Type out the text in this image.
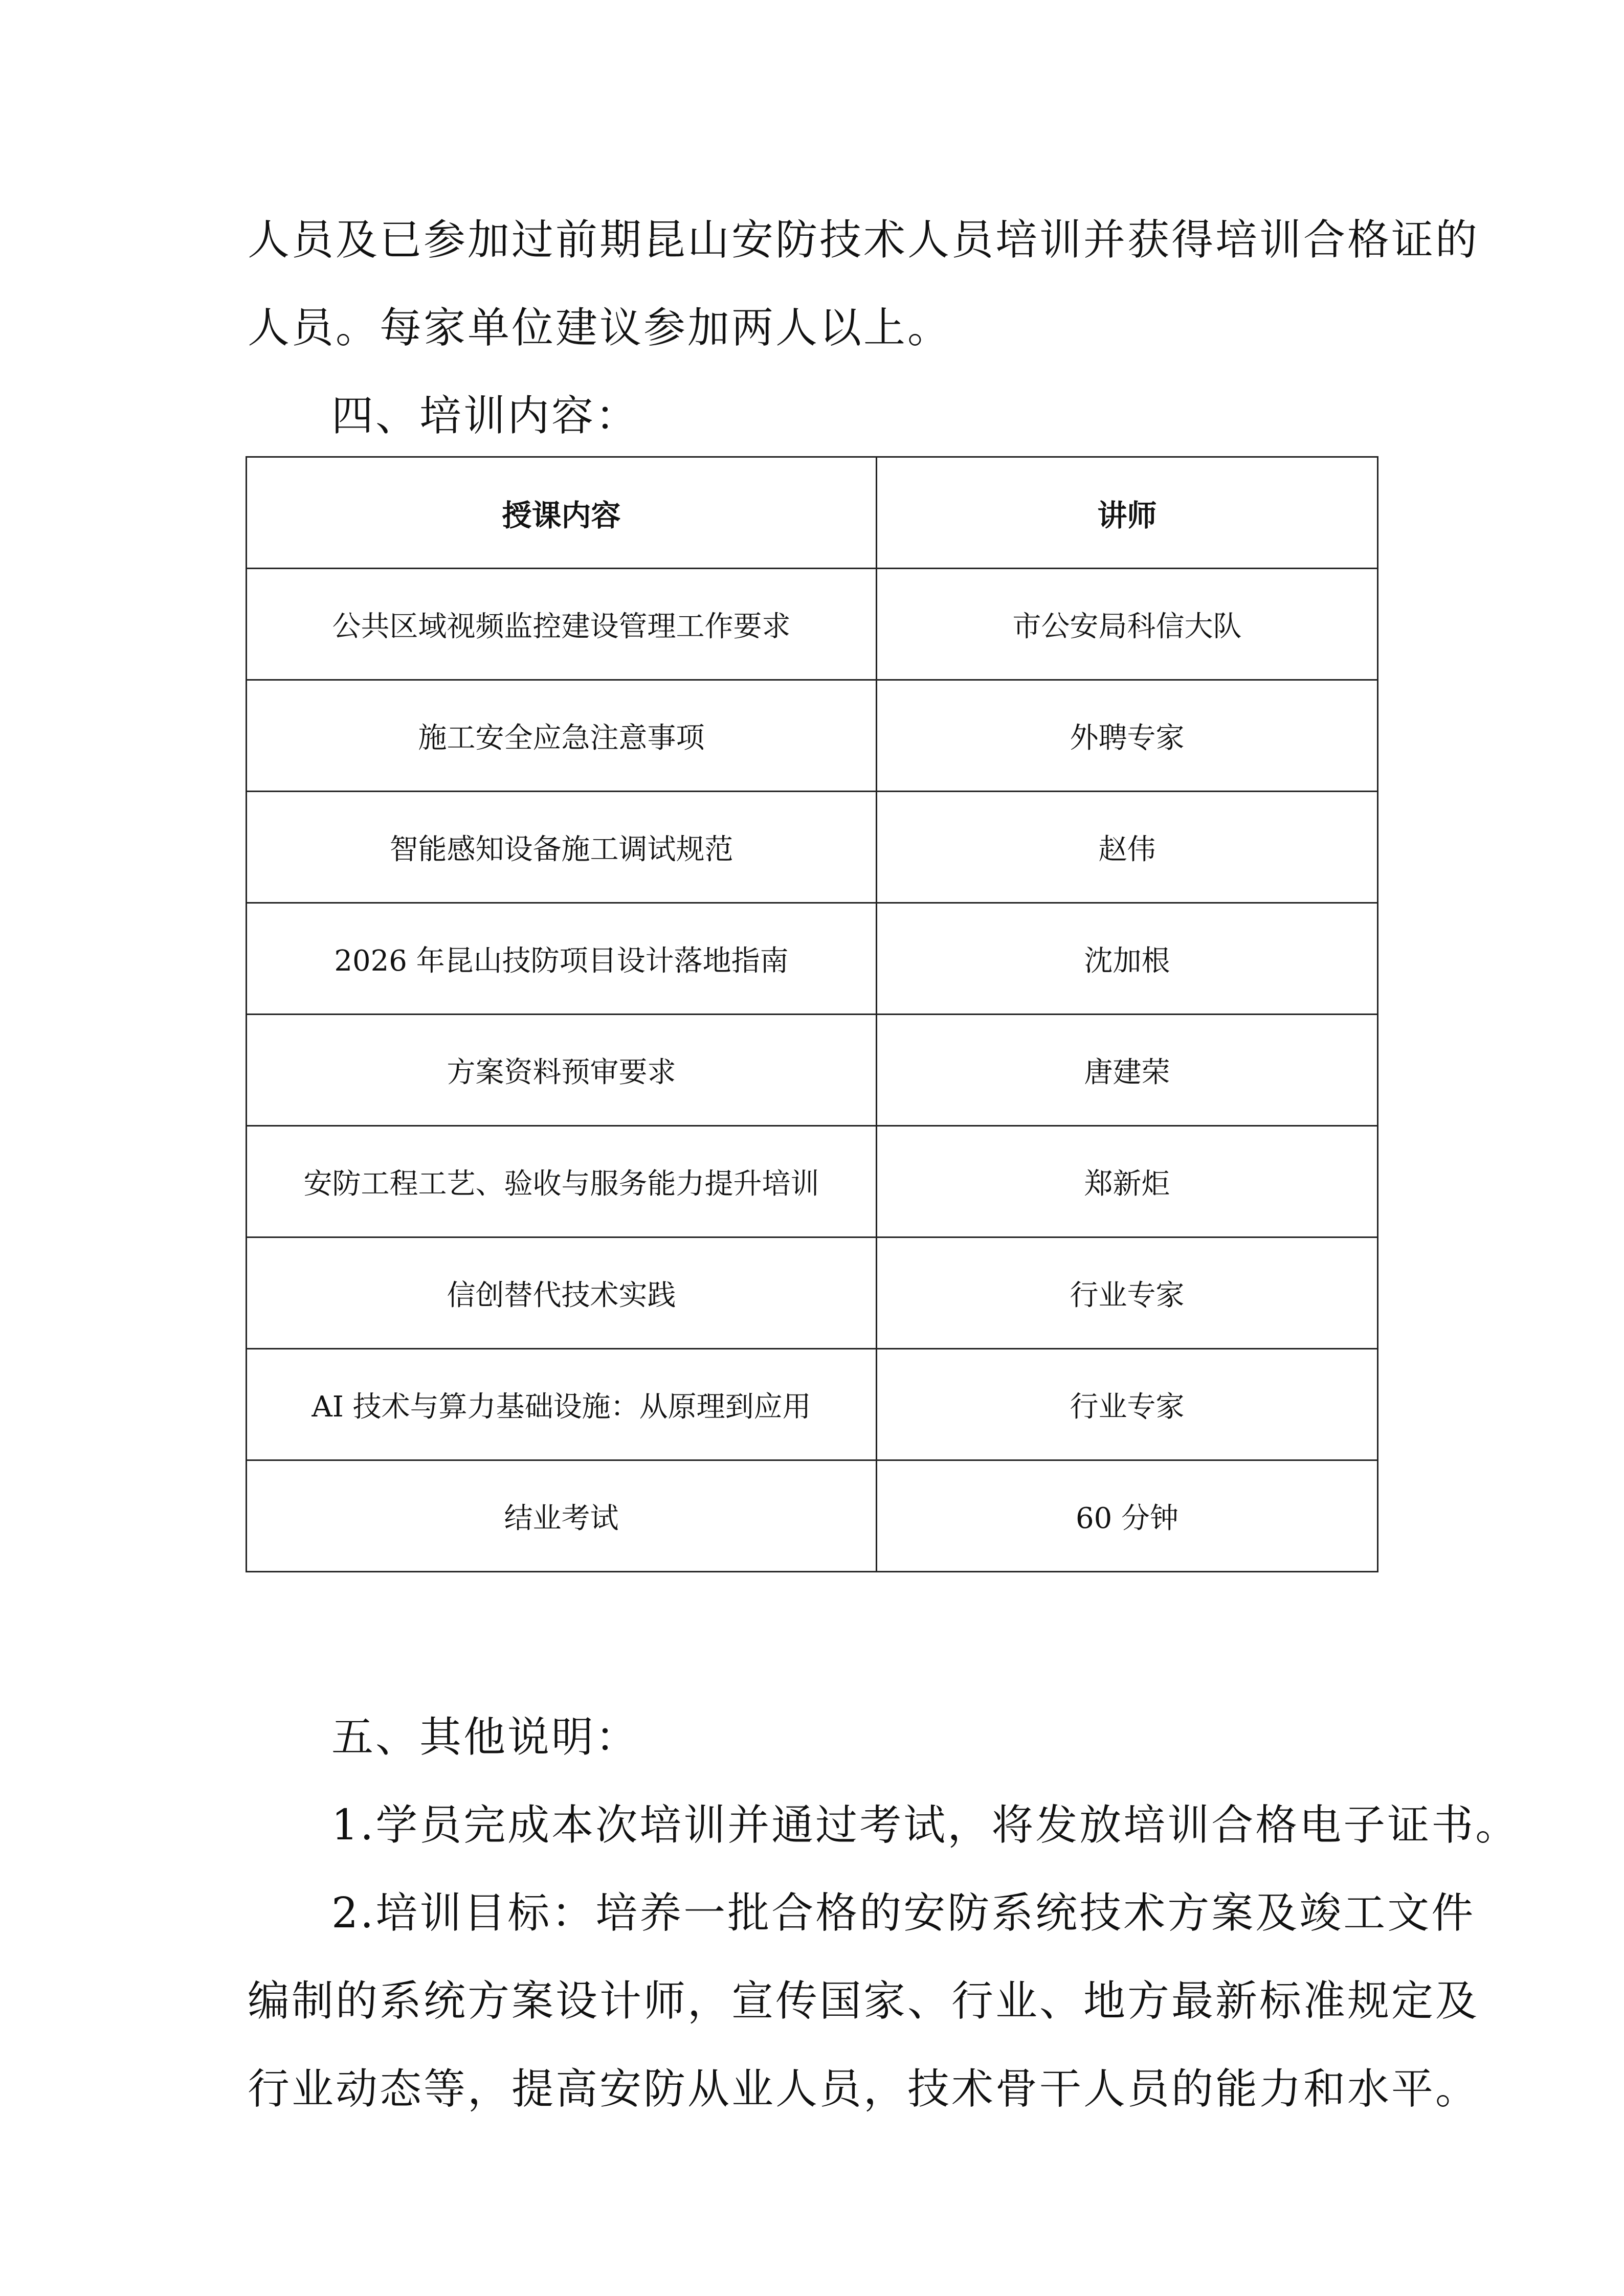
人员及已参加过前期昆山安防技术人员培训并获得培训合格证的

人员。每家单位建议参加两人以上。

四、培训内容：

授课内容	讲师
公共区域视频监控建设管理工作要求	市公安局科信大队
施工安全应急注意事项	外聘专家
智能感知设备施工调试规范	赵伟
2026 年昆山技防项目设计落地指南	沈加根
方案资料预审要求	唐建荣
安防工程工艺、验收与服务能力提升培训	郑新炬
信创替代技术实践	行业专家
AI 技术与算力基础设施：从原理到应用	行业专家
结业考试	60 分钟

五、其他说明：

1.学员完成本次培训并通过考试，将发放培训合格电子证书。

2.培训目标：培养一批合格的安防系统技术方案及竣工文件

编制的系统方案设计师，宣传国家、行业、地方最新标准规定及

行业动态等，提高安防从业人员，技术骨干人员的能力和水平。
